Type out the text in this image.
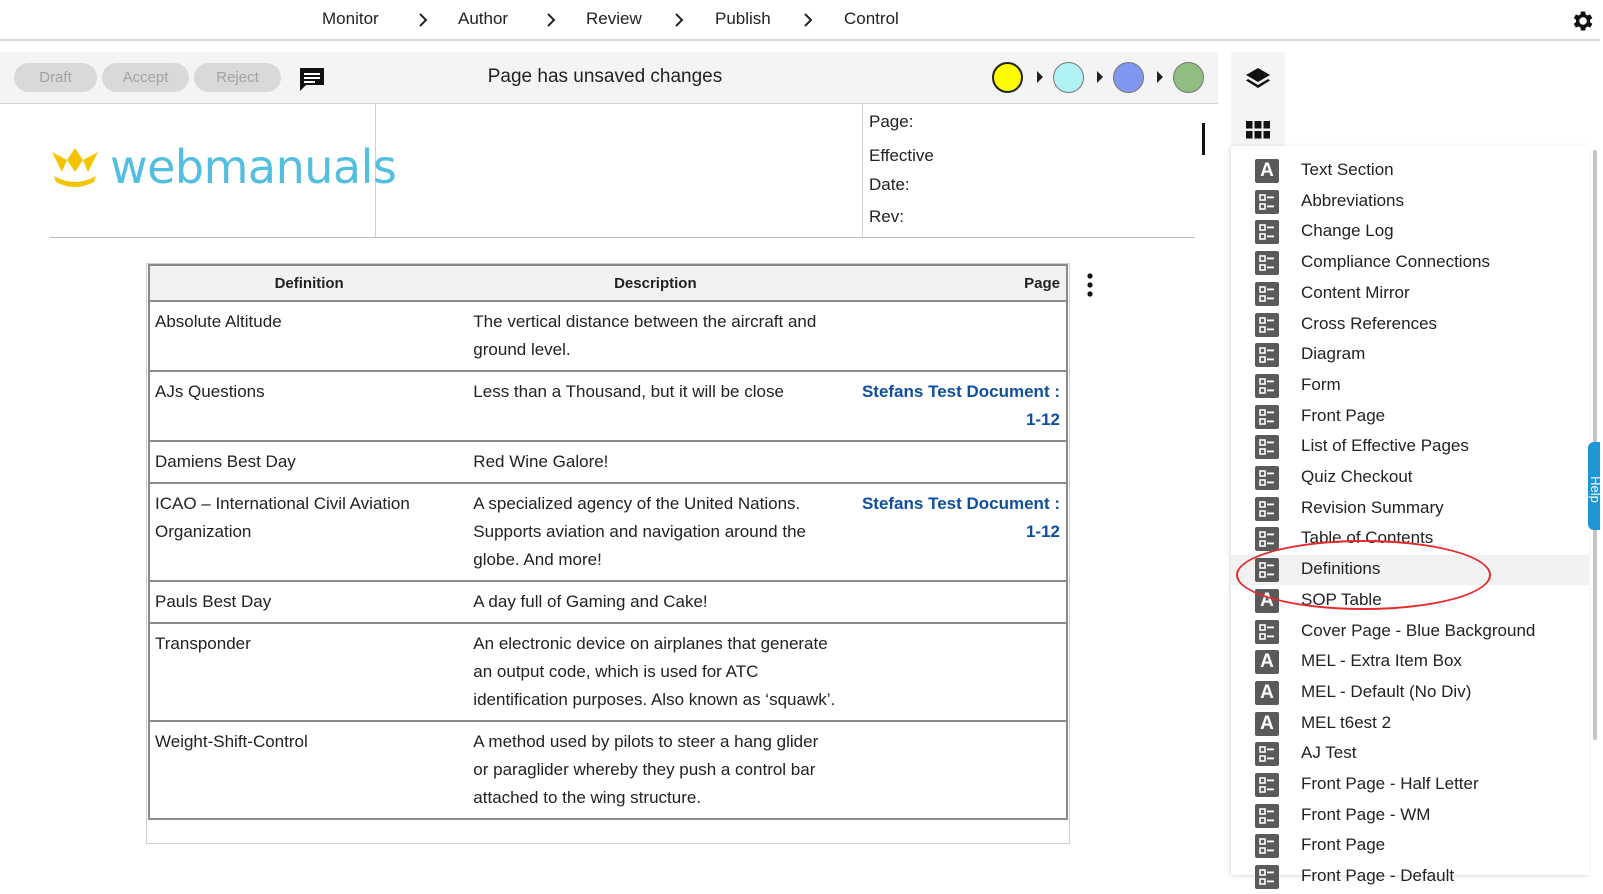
Monitor	Author	Review	Publish	Control
Draft	Accept	Reject	Page has unsaved changes
webmanuals
Page:
Effective
Date:
Rev:
Definition	Description	Page
Absolute Altitude	The vertical distance between the aircraft and ground level.	
AJs Questions	Less than a Thousand, but it will be close	Stefans Test Document : 1-12
Damiens Best Day	Red Wine Galore!	
ICAO – International Civil Aviation Organization	A specialized agency of the United Nations. Supports aviation and navigation around the globe. And more!	Stefans Test Document : 1-12
Pauls Best Day	A day full of Gaming and Cake!	
Transponder	An electronic device on airplanes that generate an output code, which is used for ATC identification purposes. Also known as ‘squawk’.	
Weight-Shift-Control	A method used by pilots to steer a hang glider or paraglider whereby they push a control bar attached to the wing structure.	
A	Text Section
Abbreviations
Change Log
Compliance Connections
Content Mirror
Cross References
Diagram
Form
Front Page
List of Effective Pages
Quiz Checkout
Revision Summary
Table of Contents
Definitions
A	SOP Table
Cover Page - Blue Background
A	MEL - Extra Item Box
A	MEL - Default (No Div)
A	MEL t6est 2
AJ Test
Front Page - Half Letter
Front Page - WM
Front Page
Front Page - Default
Help
